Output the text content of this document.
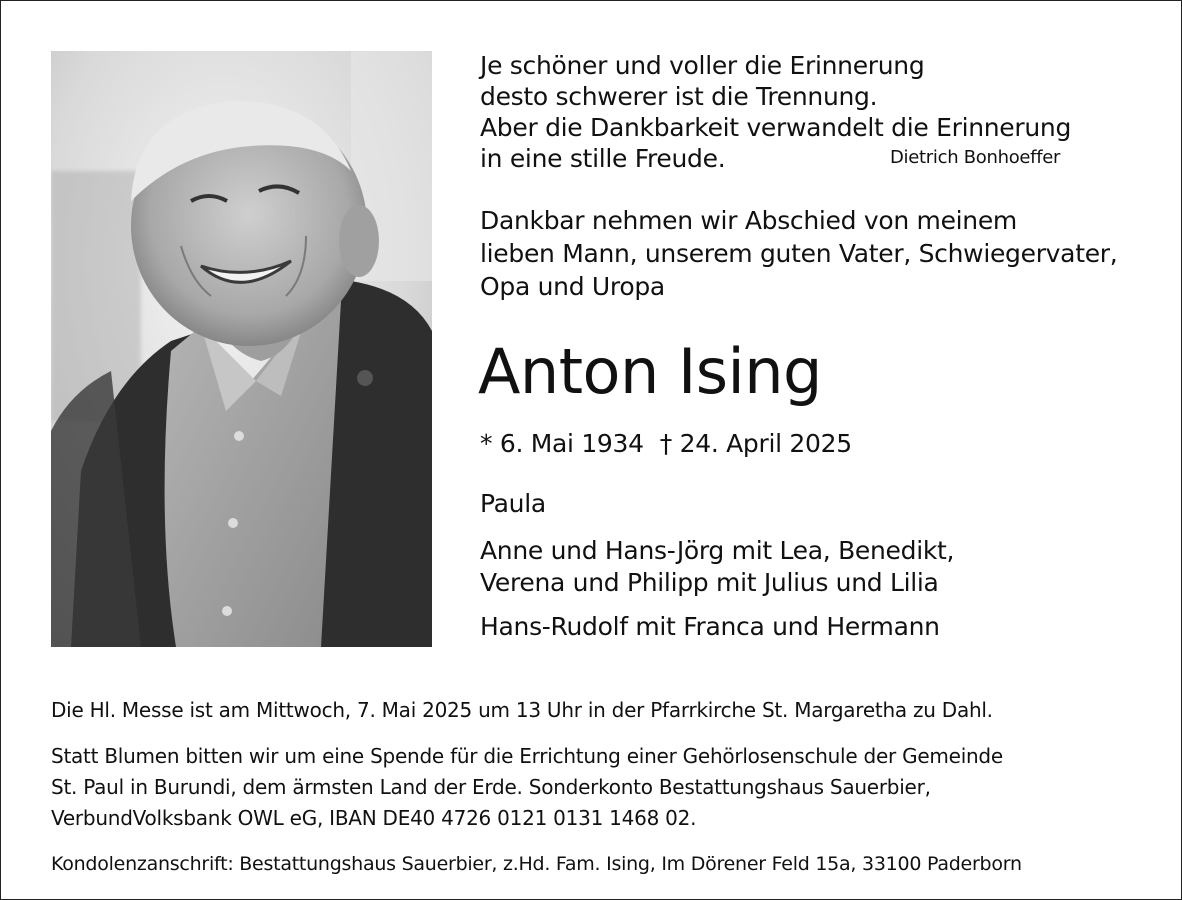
Je schöner und voller die Erinnerung
desto schwerer ist die Trennung.
Aber die Dankbarkeit verwandelt die Erinnerung
in eine stille Freude.	Dietrich Bonhoeffer
Dankbar nehmen wir Abschied von meinem
lieben Mann, unserem guten Vater, Schwiegervater,
Opa und Uropa
Anton Ising
* 6. Mai 1934 † 24. April 2025
Paula
Anne und Hans-Jörg mit Lea, Benedikt,
Verena und Philipp mit Julius und Lilia
Hans-Rudolf mit Franca und Hermann
Die Hl. Messe ist am Mittwoch, 7. Mai 2025 um 13 Uhr in der Pfarrkirche St. Margaretha zu Dahl.
Statt Blumen bitten wir um eine Spende für die Errichtung einer Gehörlosenschule der Gemeinde
St. Paul in Burundi, dem ärmsten Land der Erde. Sonderkonto Bestattungshaus Sauerbier,
VerbundVolksbank OWL eG, IBAN DE40 4726 0121 0131 1468 02.
Kondolenzanschrift: Bestattungshaus Sauerbier, z.Hd. Fam. Ising, Im Dörener Feld 15a, 33100 Paderborn
